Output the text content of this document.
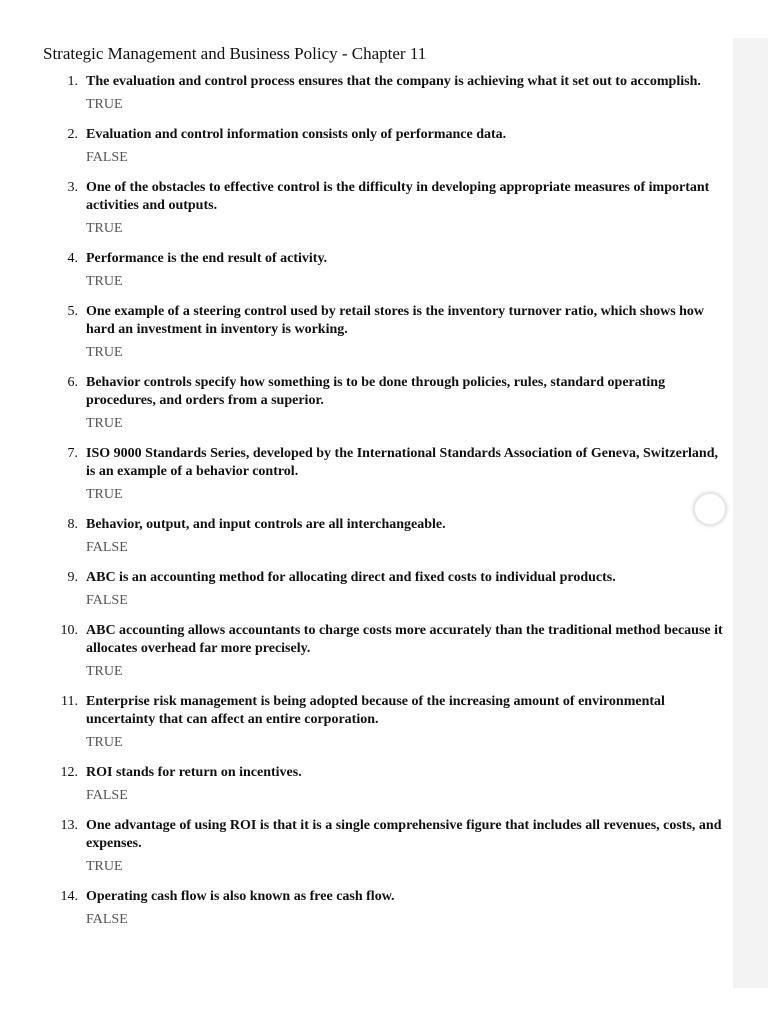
Strategic Management and Business Policy - Chapter 11
1. The evaluation and control process ensures that the company is achieving what it set out to accomplish.
TRUE
2. Evaluation and control information consists only of performance data.
FALSE
3. One of the obstacles to effective control is the difficulty in developing appropriate measures of important activities and outputs.
TRUE
4. Performance is the end result of activity.
TRUE
5. One example of a steering control used by retail stores is the inventory turnover ratio, which shows how hard an investment in inventory is working.
TRUE
6. Behavior controls specify how something is to be done through policies, rules, standard operating procedures, and orders from a superior.
TRUE
7. ISO 9000 Standards Series, developed by the International Standards Association of Geneva, Switzerland, is an example of a behavior control.
TRUE
8. Behavior, output, and input controls are all interchangeable.
FALSE
9. ABC is an accounting method for allocating direct and fixed costs to individual products.
FALSE
10. ABC accounting allows accountants to charge costs more accurately than the traditional method because it allocates overhead far more precisely.
TRUE
11. Enterprise risk management is being adopted because of the increasing amount of environmental uncertainty that can affect an entire corporation.
TRUE
12. ROI stands for return on incentives.
FALSE
13. One advantage of using ROI is that it is a single comprehensive figure that includes all revenues, costs, and expenses.
TRUE
14. Operating cash flow is also known as free cash flow.
FALSE
